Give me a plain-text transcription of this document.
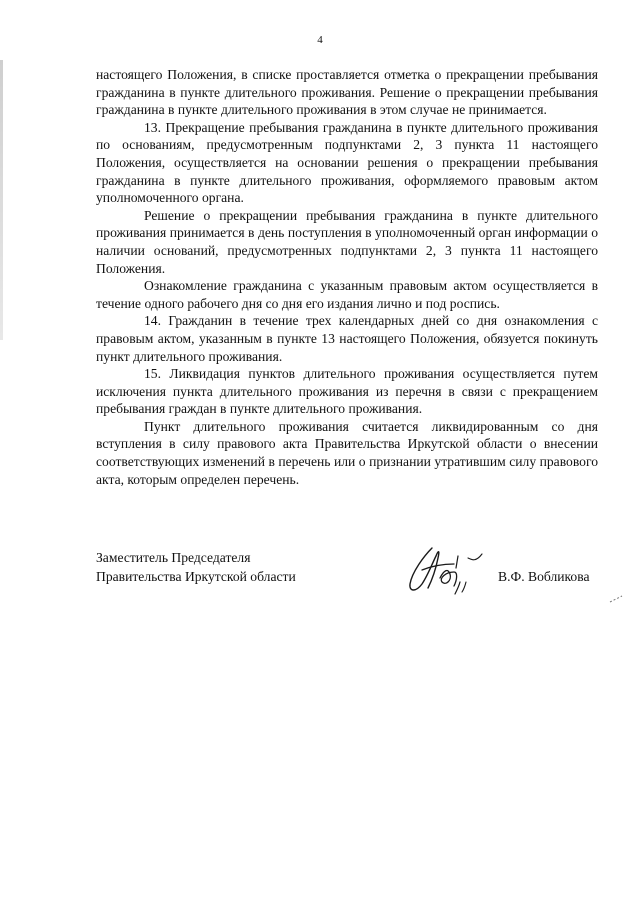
4

настоящего Положения, в списке проставляется отметка о прекращении пребывания гражданина в пункте длительного проживания. Решение о прекращении пребывания гражданина в пункте длительного проживания в этом случае не принимается.

13. Прекращение пребывания гражданина в пункте длительного проживания по основаниям, предусмотренным подпунктами 2, 3 пункта 11 настоящего Положения, осуществляется на основании решения о прекращении пребывания гражданина в пункте длительного проживания, оформляемого правовым актом уполномоченного органа.

Решение о прекращении пребывания гражданина в пункте длительного проживания принимается в день поступления в уполномоченный орган информации о наличии оснований, предусмотренных подпунктами 2, 3 пункта 11 настоящего Положения.

Ознакомление гражданина с указанным правовым актом осуществляется в течение одного рабочего дня со дня его издания лично и под роспись.

14. Гражданин в течение трех календарных дней со дня ознакомления с правовым актом, указанным в пункте 13 настоящего Положения, обязуется покинуть пункт длительного проживания.

15. Ликвидация пунктов длительного проживания осуществляется путем исключения пункта длительного проживания из перечня в связи с прекращением пребывания граждан в пункте длительного проживания.

Пункт длительного проживания считается ликвидированным со дня вступления в силу правового акта Правительства Иркутской области о внесении соответствующих изменений в перечень или о признании утратившим силу правового акта, которым определен перечень.

Заместитель Председателя
Правительства Иркутской области	В.Ф. Вобликова
